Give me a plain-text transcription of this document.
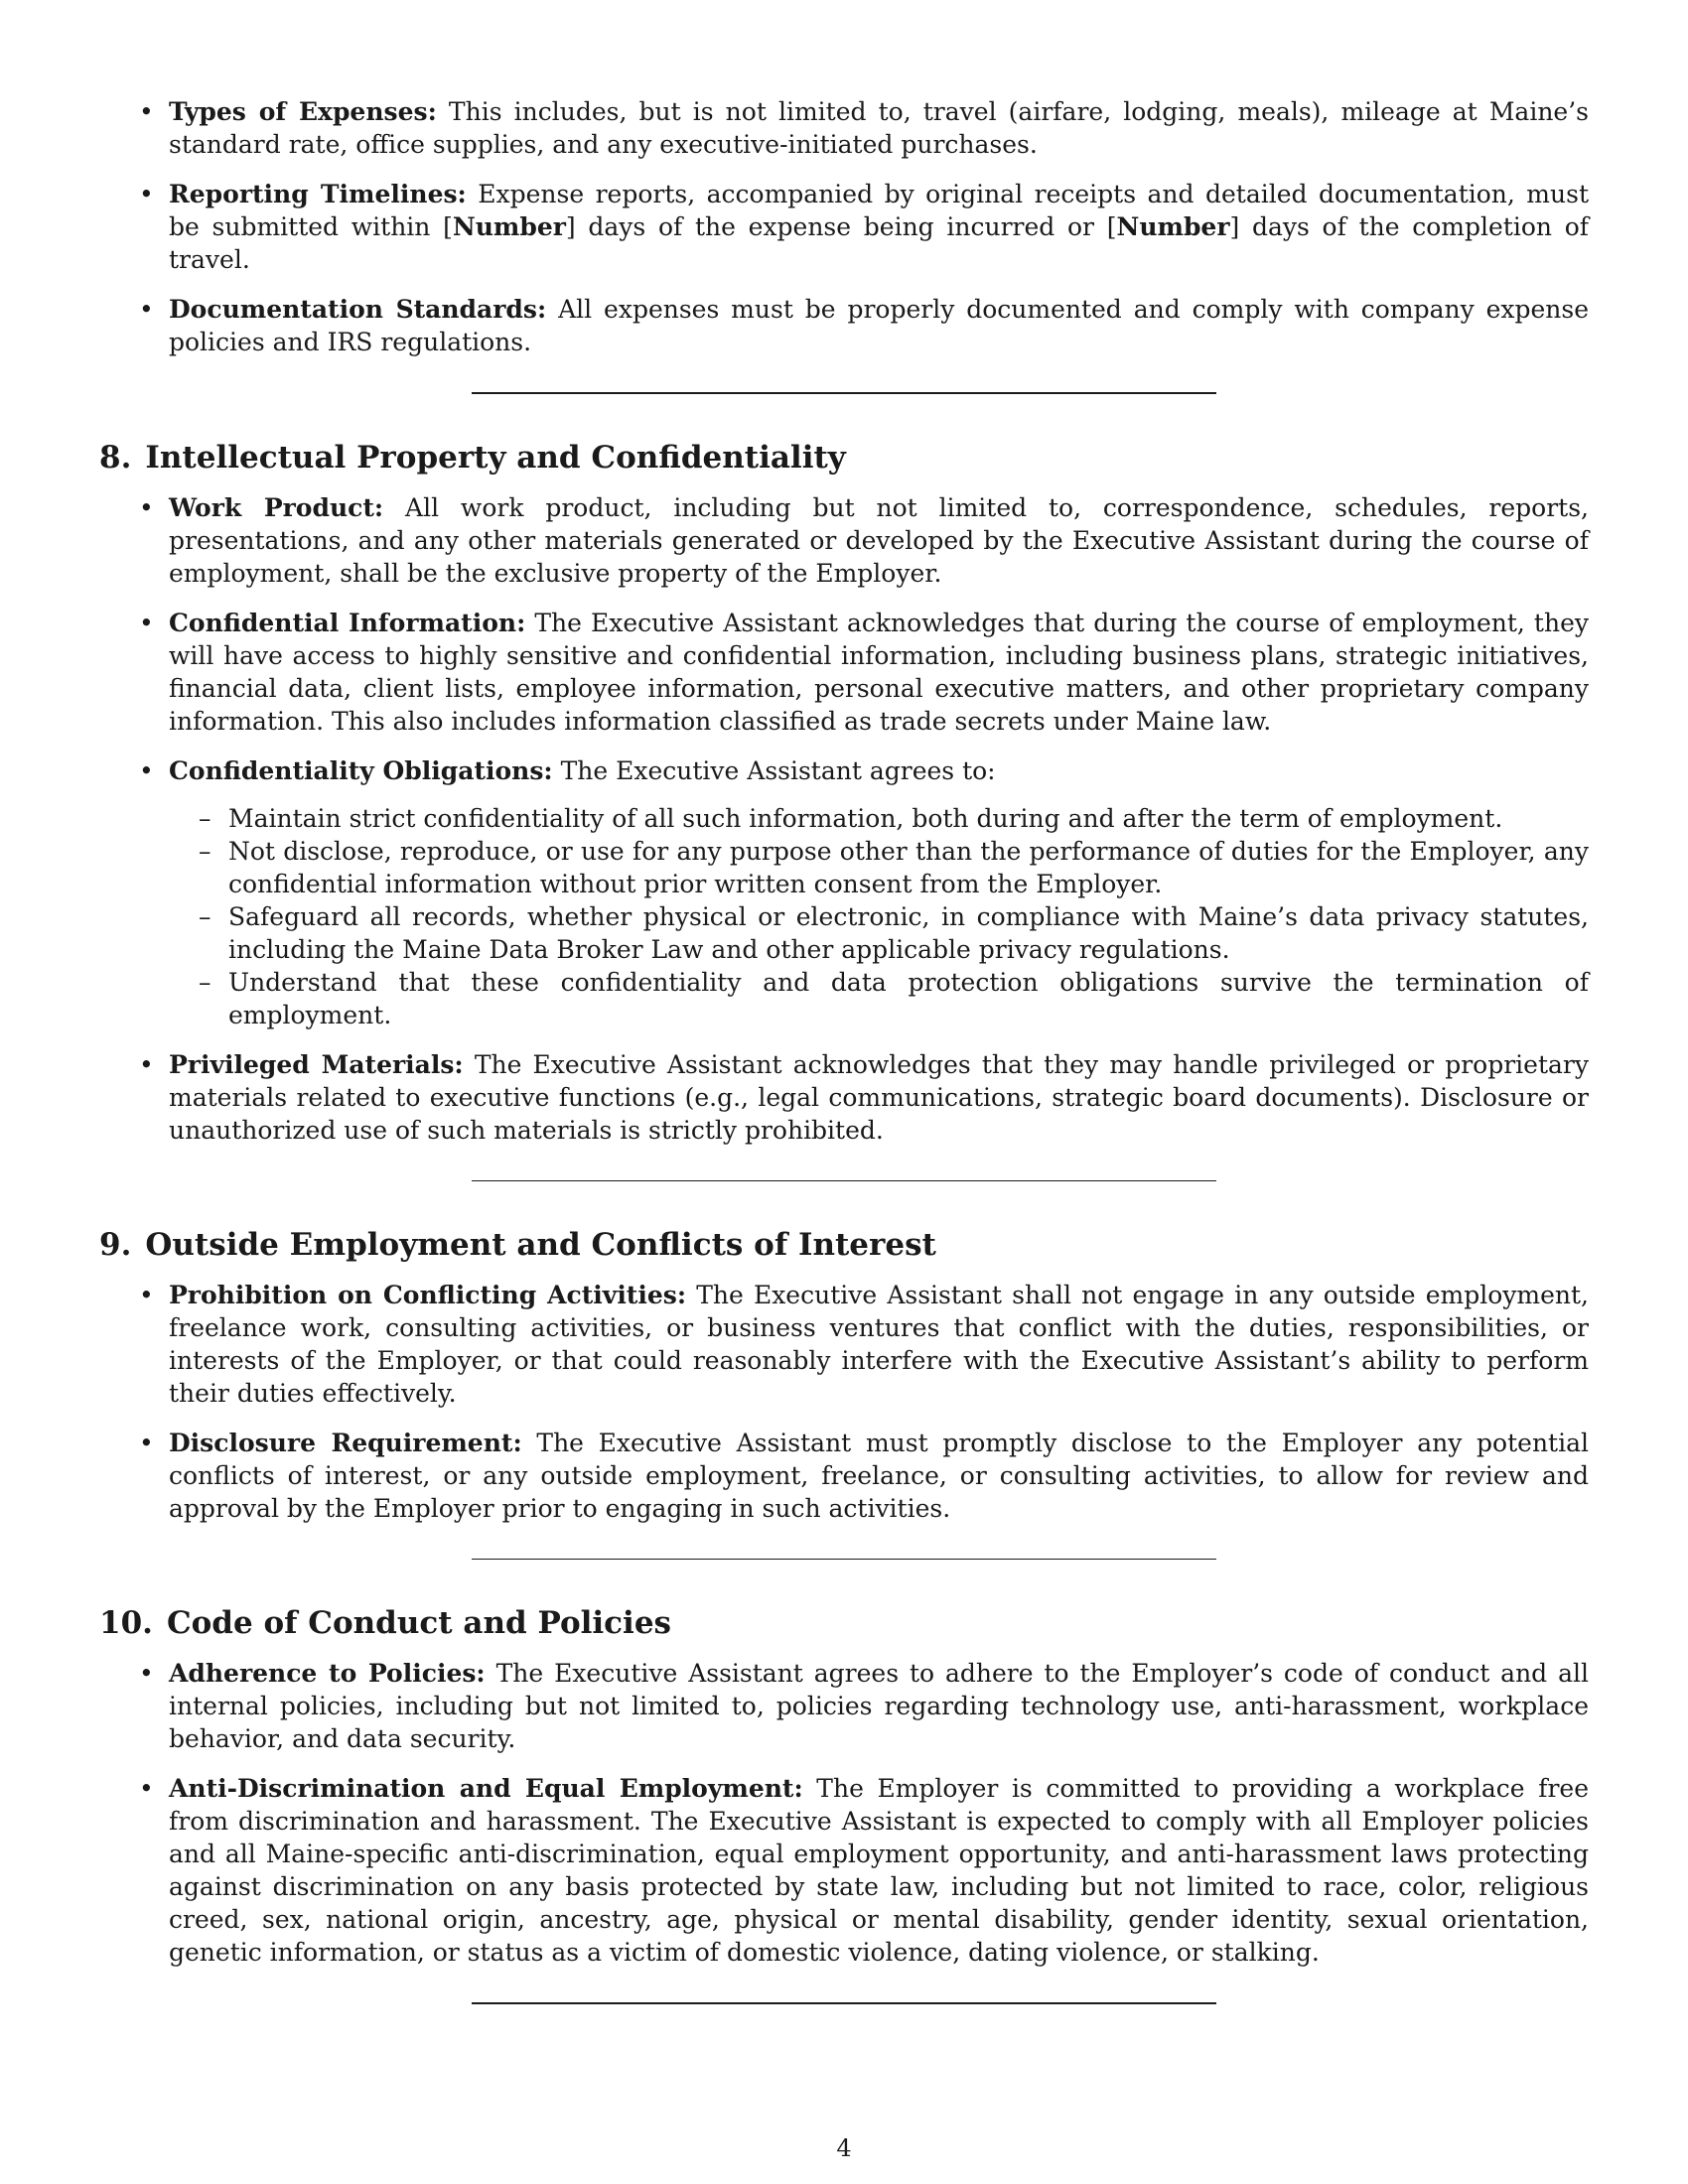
• Types of Expenses: This includes, but is not limited to, travel (airfare, lodging, meals), mileage at Maine’s standard rate, office supplies, and any executive-initiated purchases.
• Reporting Timelines: Expense reports, accompanied by original receipts and detailed documentation, must be submitted within [Number] days of the expense being incurred or [Number] days of the completion of travel.
• Documentation Standards: All expenses must be properly documented and comply with company expense policies and IRS regulations.
8. Intellectual Property and Confidentiality
• Work Product: All work product, including but not limited to, correspondence, schedules, reports, presentations, and any other materials generated or developed by the Executive Assistant during the course of employment, shall be the exclusive property of the Employer.
• Confidential Information: The Executive Assistant acknowledges that during the course of employment, they will have access to highly sensitive and confidential information, including business plans, strategic initiatives, financial data, client lists, employee information, personal executive matters, and other proprietary company information. This also includes information classified as trade secrets under Maine law.
• Confidentiality Obligations: The Executive Assistant agrees to:
– Maintain strict confidentiality of all such information, both during and after the term of employment.
– Not disclose, reproduce, or use for any purpose other than the performance of duties for the Employer, any confidential information without prior written consent from the Employer.
– Safeguard all records, whether physical or electronic, in compliance with Maine’s data privacy statutes, including the Maine Data Broker Law and other applicable privacy regulations.
– Understand that these confidentiality and data protection obligations survive the termination of employment.
• Privileged Materials: The Executive Assistant acknowledges that they may handle privileged or proprietary materials related to executive functions (e.g., legal communications, strategic board documents). Disclosure or unauthorized use of such materials is strictly prohibited.
9. Outside Employment and Conflicts of Interest
• Prohibition on Conflicting Activities: The Executive Assistant shall not engage in any outside employment, freelance work, consulting activities, or business ventures that conflict with the duties, responsibilities, or interests of the Employer, or that could reasonably interfere with the Executive Assistant’s ability to perform their duties effectively.
• Disclosure Requirement: The Executive Assistant must promptly disclose to the Employer any potential conflicts of interest, or any outside employment, freelance, or consulting activities, to allow for review and approval by the Employer prior to engaging in such activities.
10. Code of Conduct and Policies
• Adherence to Policies: The Executive Assistant agrees to adhere to the Employer’s code of conduct and all internal policies, including but not limited to, policies regarding technology use, anti-harassment, workplace behavior, and data security.
• Anti-Discrimination and Equal Employment: The Employer is committed to providing a workplace free from discrimination and harassment. The Executive Assistant is expected to comply with all Employer policies and all Maine-specific anti-discrimination, equal employment opportunity, and anti-harassment laws protecting against discrimination on any basis protected by state law, including but not limited to race, color, religious creed, sex, national origin, ancestry, age, physical or mental disability, gender identity, sexual orientation, genetic information, or status as a victim of domestic violence, dating violence, or stalking.
4
